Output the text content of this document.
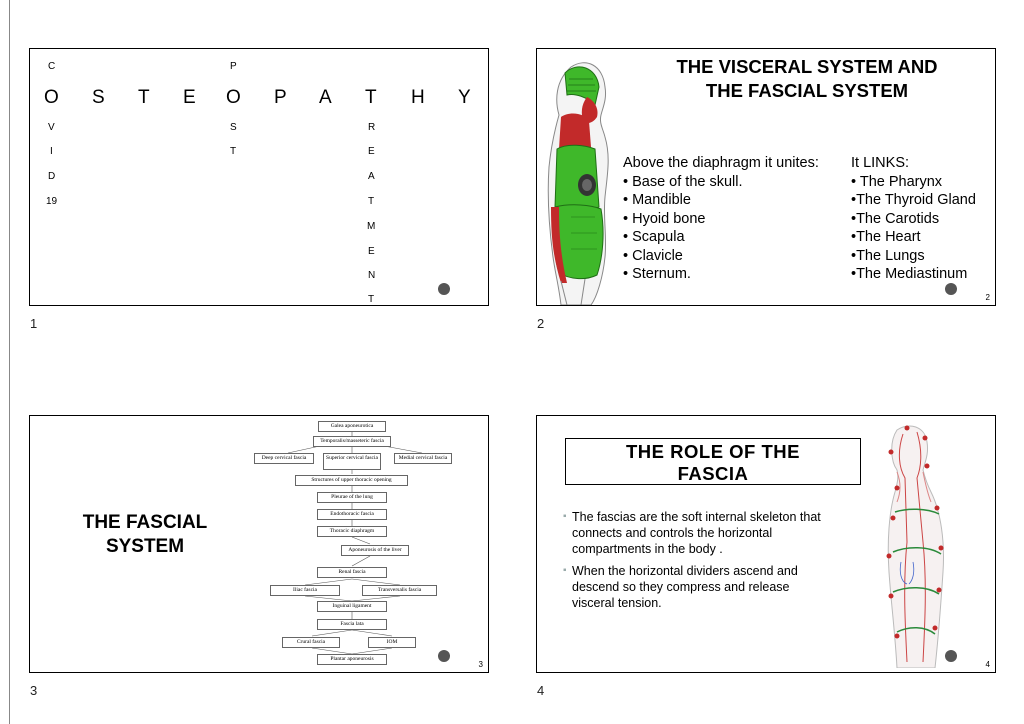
C
V
I
D
19
O S T E O P A T H Y
P
S
T
R
E
A
T
M
E
N
T	1
1
THE VISCERAL SYSTEM AND
THE FASCIAL SYSTEM
Above the diaphragm it unites:
• Base of the skull.
• Mandible
• Hyoid bone
• Scapula
• Clavicle
• Sternum.
It LINKS:
• The Pharynx
•The Thyroid Gland
•The Carotids
•The Heart
•The Lungs
•The Mediastinum
2
2
THE FASCIAL
SYSTEM
Galea aponeurotica
Temporalis/masseteric fascia
Deep cervical fascia	Superior cervical fascia	Medial cervical fascia
Structures of upper thoracic opening
Pleurae of the lung
Endothoracic fascia
Thoracic diaphragm
Aponeurosis of the liver
Renal fascia
Iliac fascia	Transversalis fascia
Inguinal ligament
Fascia lata
Crural fascia	IOM
Plantar aponeurosis
3
3
THE ROLE OF THE
FASCIA
▪ The fascias are the soft internal skeleton that connects and controls the horizontal compartments in the body .
▪ When the horizontal dividers ascend and descend so they compress and release visceral tension.
4
4
